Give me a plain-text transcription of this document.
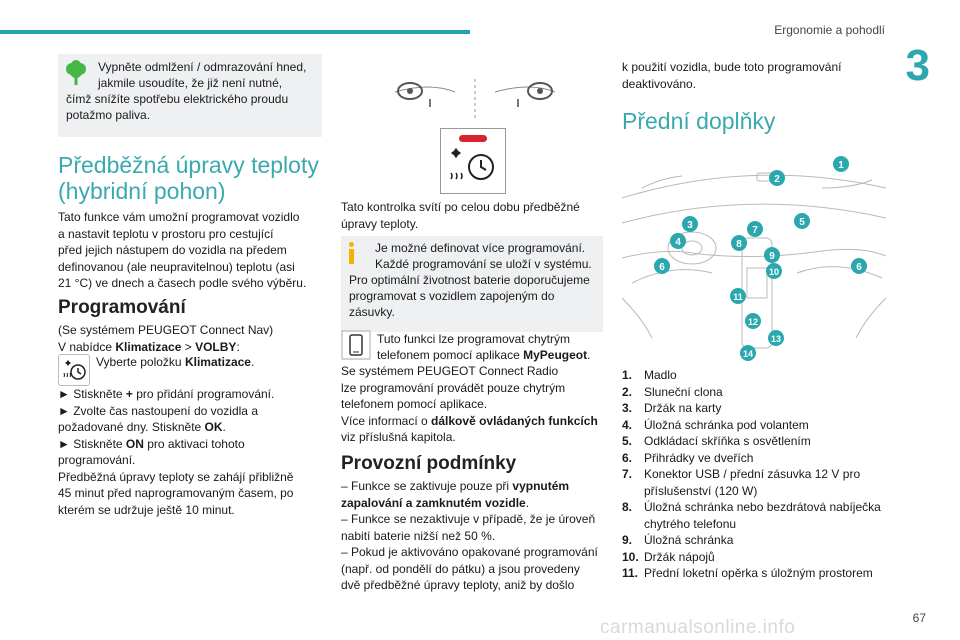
Ergonomie a pohodlí
3

Vypněte odmlžení / odmrazování hned,

jakmile usoudíte, že již není nutné,

čímž snížíte spotřebu elektrického proudu

potažmo paliva.

Předběžná úpravy teploty
(hybridní pohon)

Tato funkce vám umožní programovat vozidlo

a nastavit teplotu v prostoru pro cestující

před jejich nástupem do vozidla na předem

definovanou (ale neupravitelnou) teplotu (asi

21 °C) ve dnech a časech podle svého výběru.

Programování

(Se systémem PEUGEOT Connect Nav)

V nabídce Klimatizace > VOLBY:

Vyberte položku Klimatizace.

► Stiskněte + pro přidání programování.

► Zvolte čas nastoupení do vozidla a

požadované dny. Stiskněte OK.

► Stiskněte ON pro aktivaci tohoto

programování.

Předběžná úpravy teploty se zahájí přibližně

45 minut před naprogramovaným časem, po

kterém se udržuje ještě 10 minut.

Tato kontrolka svítí po celou dobu předběžné

úpravy teploty.

Je možné definovat více programování.

Každé programování se uloží v systému.

Pro optimální životnost baterie doporučujeme

programovat s vozidlem zapojeným do

zásuvky.

Tuto funkci lze programovat chytrým

telefonem pomocí aplikace MyPeugeot.

Se systémem PEUGEOT Connect Radio

lze programování provádět pouze chytrým

telefonem pomocí aplikace.

Více informací o dálkově ovládaných funkcích

viz příslušná kapitola.

Provozní podmínky

– Funkce se zaktivuje pouze při vypnutém

zapalování a zamknutém vozidle.

– Funkce se nezaktivuje v případě, že je úroveň

nabití baterie nižší než 50 %.

– Pokud je aktivováno opakované programování

(např. od pondělí do pátku) a jsou provedeny

dvě předběžné úpravy teploty, aniž by došlo

k použití vozidla, bude toto programování

deaktivováno.

Přední doplňky
1
2
3
4
5
6	6
7
8
9
10
11
12
13
14
1. Madlo
2. Sluneční clona
3. Držák na karty
4. Úložná schránka pod volantem
5. Odkládací skříňka s osvětlením
6. Přihrádky ve dveřích
7. Konektor USB / přední zásuvka 12 V pro
příslušenství (120 W)
8. Úložná schránka nebo bezdrátová nabíječka
chytrého telefonu
9. Úložná schránka
10. Držák nápojů
11. Přední loketní opěrka s úložným prostorem
carmanualsonline.info	67
